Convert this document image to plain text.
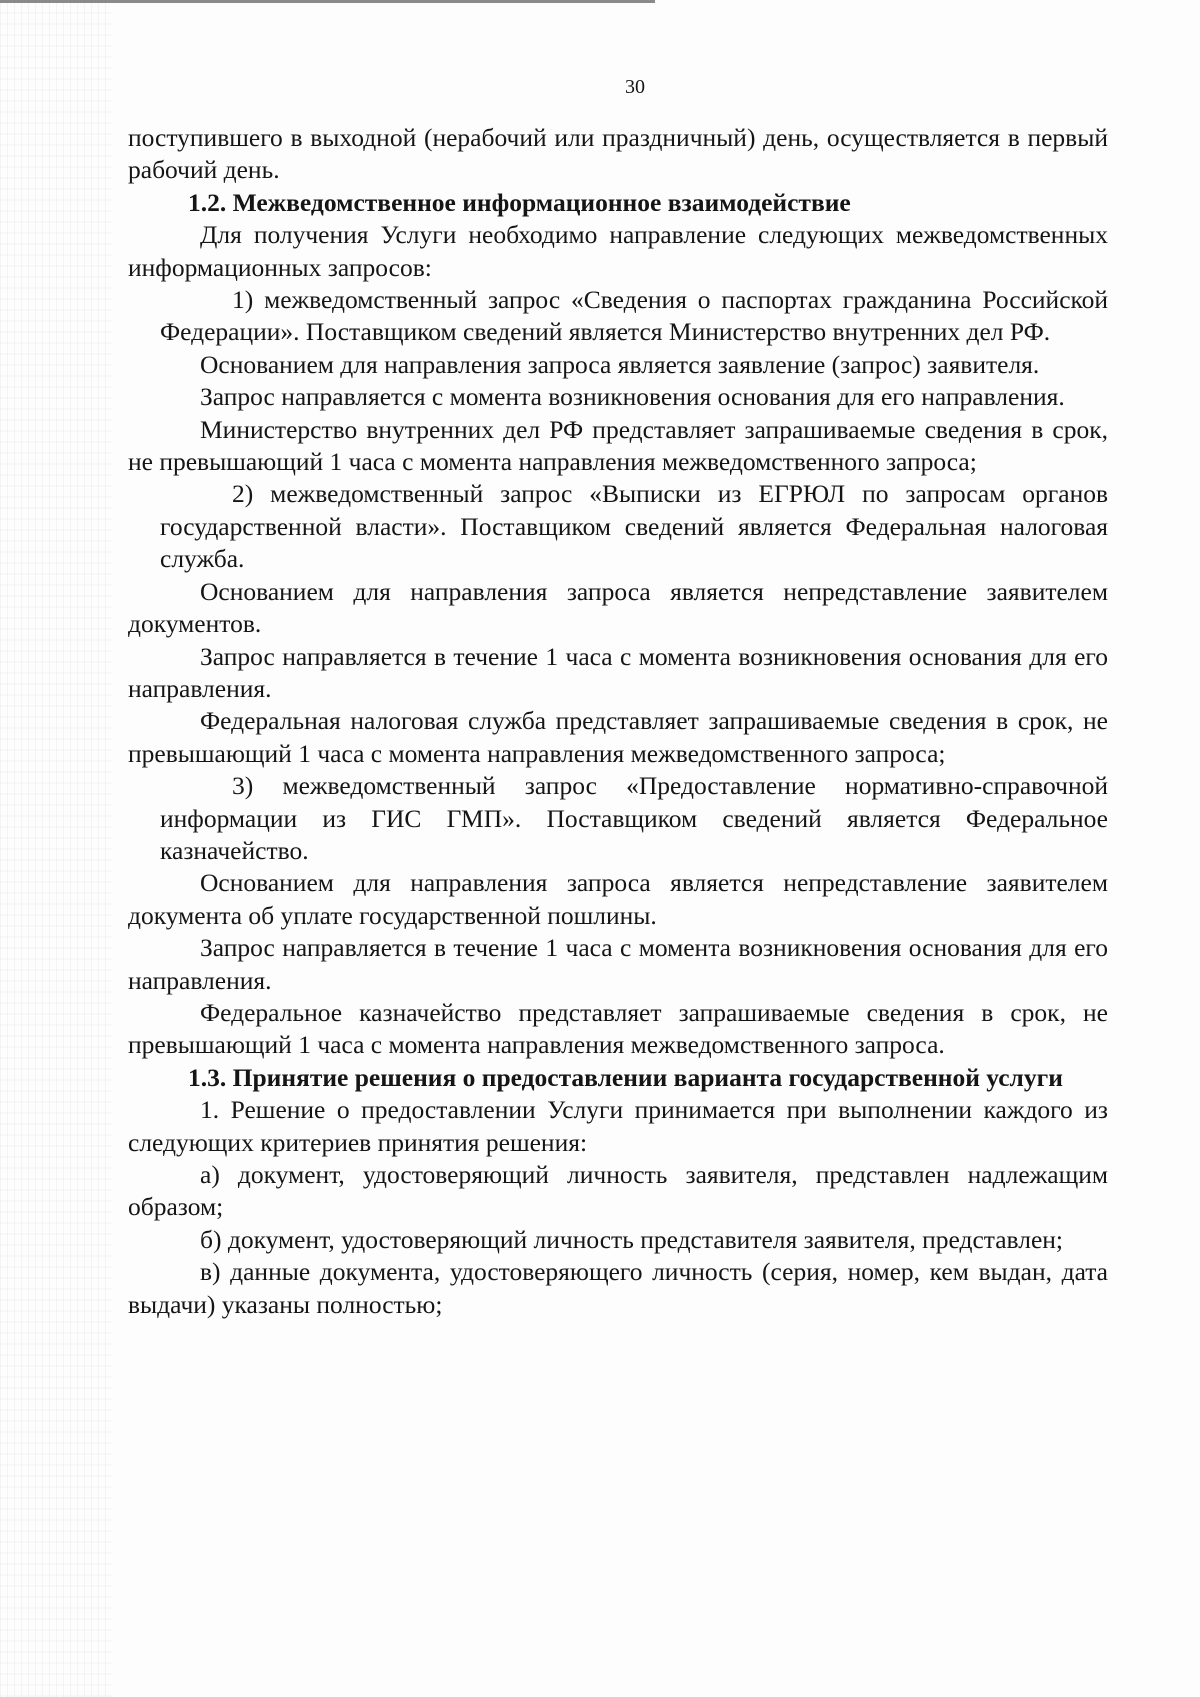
30

поступившего в выходной (нерабочий или праздничный) день, осуществляется в первый рабочий день.

1.2. Межведомственное информационное взаимодействие

Для получения Услуги необходимо направление следующих межведомственных информационных запросов:

1) межведомственный запрос «Сведения о паспортах гражданина Российской Федерации». Поставщиком сведений является Министерство внутренних дел РФ.

Основанием для направления запроса является заявление (запрос) заявителя.

Запрос направляется с момента возникновения основания для его направления.

Министерство внутренних дел РФ представляет запрашиваемые сведения в срок, не превышающий 1 часа с момента направления межведомственного запроса;

2) межведомственный запрос «Выписки из ЕГРЮЛ по запросам органов государственной власти». Поставщиком сведений является Федеральная налоговая служба.

Основанием для направления запроса является непредставление заявителем документов.

Запрос направляется в течение 1 часа с момента возникновения основания для его направления.

Федеральная налоговая служба представляет запрашиваемые сведения в срок, не превышающий 1 часа с момента направления межведомственного запроса;

3) межведомственный запрос «Предоставление нормативно-справочной информации из ГИС ГМП». Поставщиком сведений является Федеральное казначейство.

Основанием для направления запроса является непредставление заявителем документа об уплате государственной пошлины.

Запрос направляется в течение 1 часа с момента возникновения основания для его направления.

Федеральное казначейство представляет запрашиваемые сведения в срок, не превышающий 1 часа с момента направления межведомственного запроса.

1.3. Принятие решения о предоставлении варианта государственной услуги

1. Решение о предоставлении Услуги принимается при выполнении каждого из следующих критериев принятия решения:

а) документ, удостоверяющий личность заявителя, представлен надлежащим образом;

б) документ, удостоверяющий личность представителя заявителя, представлен;

в) данные документа, удостоверяющего личность (серия, номер, кем выдан, дата выдачи) указаны полностью;
